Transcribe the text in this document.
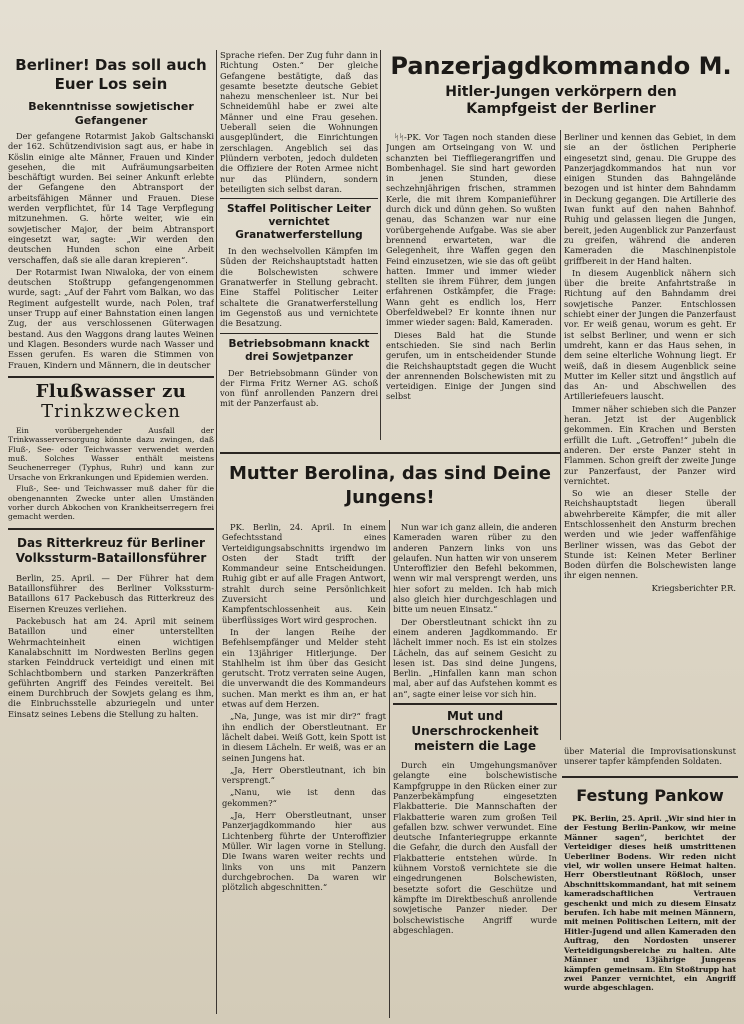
Berliner! Das soll auch Euer Los sein
Bekenntnisse sowjetischer Gefangener

Der gefangene Rotarmist Jakob Galtschanski der 162. Schützendivision sagt aus, er habe in Köslin einige alte Männer, Frauen und Kinder gesehen, die mit Aufräumungsarbeiten beschäftigt wurden. Bei seiner Ankunft erlebte der Gefangene den Abtransport der arbeitsfähigen Männer und Frauen. Diese werden verpflichtet, für 14 Tage Verpflegung mitzunehmen. G. hörte weiter, wie ein sowjetischer Major, der beim Abtransport eingesetzt war, sagte: „Wir werden den deutschen Hunden schon eine Arbeit verschaffen, daß sie alle daran krepieren“.

Der Rotarmist Iwan Niwaloka, der von einem deutschen Stoßtrupp gefangengenommen wurde, sagt: „Auf der Fahrt vom Balkan, wo das Regiment aufgestellt wurde, nach Polen, traf unser Trupp auf einer Bahnstation einen langen Zug, der aus verschlossenen Güterwagen bestand. Aus den Waggons drang lautes Weinen und Klagen. Besonders wurde nach Wasser und Essen gerufen. Es waren die Stimmen von Frauen, Kindern und Männern, die in deutscher

Flußwasser zu
Trinkzwecken

Ein vorübergehender Ausfall der Trinkwasserversorgung könnte dazu zwingen, daß Fluß-, See- oder Teichwasser verwendet werden muß. Solches Wasser enthält meistens Seuchenerreger (Typhus, Ruhr) und kann zur Ursache von Erkrankungen und Epidemien werden.

Fluß-, See- und Teichwasser muß daher für die obengenannten Zwecke unter allen Umständen vorher durch Abkochen von Krankheitserregern frei gemacht werden.

Das Ritterkreuz für Berliner Volkssturm-Bataillonsführer

Berlin, 25. April. — Der Führer hat dem Bataillonsführer des Berliner Volkssturm-Bataillons 617 Packebusch das Ritterkreuz des Eisernen Kreuzes verliehen.

Packebusch hat am 24. April mit seinem Bataillon und einer unterstellten Wehrmachteinheit einen wichtigen Kanalabschnitt im Nordwesten Berlins gegen starken Feinddruck verteidigt und einen mit Schlachtbombern und starken Panzerkräften geführten Angriff des Feindes vereitelt. Bei einem Durchbruch der Sowjets gelang es ihm, die Einbruchsstelle abzuriegeln und unter Einsatz seines Lebens die Stellung zu halten.

Sprache riefen. Der Zug fuhr dann in Richtung Osten.“ Der gleiche Gefangene bestätigte, daß das gesamte besetzte deutsche Gebiet nahezu menschenleer ist. Nur bei Schneidemühl habe er zwei alte Männer und eine Frau gesehen. Ueberall seien die Wohnungen ausgeplündert, die Einrichtungen zerschlagen. Angeblich sei das Plündern verboten, jedoch duldeten die Offiziere der Roten Armee nicht nur das Plündern, sondern beteiligten sich selbst daran.

Staffel Politischer Leiter vernichtet Granatwerferstellung

In den wechselvollen Kämpfen im Süden der Reichshauptstadt hatten die Bolschewisten schwere Granatwerfer in Stellung gebracht. Eine Staffel Politischer Leiter schaltete die Granatwerferstellung im Gegenstoß aus und vernichtete die Besatzung.

Betriebsobmann knackt drei Sowjetpanzer

Der Betriebsobmann Günder von der Firma Fritz Werner AG. schoß von fünf anrollenden Panzern drei mit der Panzerfaust ab.

Panzerjagdkommando M.
Hitler-Jungen verkörpern den Kampfgeist der Berliner

ᛋᛋ-PK. Vor Tagen noch standen diese Jungen am Ortseingang von W. und schanzten bei Tieffliegerangriffen und Bombenhagel. Sie sind hart geworden in jenen Stunden, diese sechzehnjährigen frischen, strammen Kerle, die mit ihrem Kompanieführer durch dick und dünn gehen. So wußten genau, das Schanzen war nur eine vorübergehende Aufgabe. Was sie aber brennend erwarteten, war die Gelegenheit, ihre Waffen gegen den Feind einzusetzen, wie sie das oft geübt hatten. Immer und immer wieder stellten sie ihrem Führer, dem jungen erfahrenen Ostkämpfer, die Frage: Wann geht es endlich los, Herr Oberfeldwebel? Er konnte ihnen nur immer wieder sagen: Bald, Kameraden.

Dieses Bald hat die Stunde entschieden. Sie sind nach Berlin gerufen, um in entscheidender Stunde die Reichshauptstadt gegen die Wucht der anrennenden Bolschewisten mit zu verteidigen. Einige der Jungen sind selbst

Berliner und kennen das Gebiet, in dem sie an der östlichen Peripherie eingesetzt sind, genau. Die Gruppe des Panzerjagdkommandos hat nun vor einigen Stunden das Bahngelände bezogen und ist hinter dem Bahndamm in Deckung gegangen. Die Artillerie des Iwan funkt auf den nahen Bahnhof. Ruhig und gelassen liegen die Jungen, bereit, jeden Augenblick zur Panzerfaust zu greifen, während die anderen Kameraden die Maschinenpistole griffbereit in der Hand halten.

In diesem Augenblick nähern sich über die breite Anfahrtstraße in Richtung auf den Bahndamm drei sowjetische Panzer. Entschlossen schiebt einer der Jungen die Panzerfaust vor. Er weiß genau, worum es geht. Er ist selbst Berliner, und wenn er sich umdreht, kann er das Haus sehen, in dem seine elterliche Wohnung liegt. Er weiß, daß in diesem Augenblick seine Mutter im Keller sitzt und ängstlich auf das An- und Abschwellen des Artilleriefeuers lauscht.

Immer näher schieben sich die Panzer heran. Jetzt ist der Augenblick gekommen. Ein Krachen und Bersten erfüllt die Luft. „Getroffen!“ jubeln die anderen. Der erste Panzer steht in Flammen. Schon greift der zweite Junge zur Panzerfaust, der Panzer wird vernichtet.

So wie an dieser Stelle der Reichshauptstadt liegen überall abwehrbereite Kämpfer, die mit aller Entschlossenheit den Ansturm brechen werden und wie jeder waffenfähige Berliner wissen, was das Gebot der Stunde ist: Keinen Meter Berliner Boden dürfen die Bolschewisten lange ihr eigen nennen.

Kriegsberichter P.R.
Mutter Berolina, das sind Deine Jungens!

PK. Berlin, 24. April. In einem Gefechtsstand eines Verteidigungsabschnitts irgendwo im Osten der Stadt trifft der Kommandeur seine Entscheidungen. Ruhig gibt er auf alle Fragen Antwort, strahlt durch seine Persönlichkeit Zuversicht und Kampfentschlossenheit aus. Kein überflüssiges Wort wird gesprochen.

In der langen Reihe der Befehlsempfänger und Melder steht ein 13jähriger Hitlerjunge. Der Stahlhelm ist ihm über das Gesicht gerutscht. Trotz verraten seine Augen, die unverwandt die des Kommandeurs suchen. Man merkt es ihm an, er hat etwas auf dem Herzen.

„Na, Junge, was ist mir dir?“ fragt ihn endlich der Oberstleutnant. Er lächelt dabei. Weiß Gott, kein Spott ist in diesem Lächeln. Er weiß, was er an seinen Jungens hat.

„Ja, Herr Oberstleutnant, ich bin versprengt.“

„Nanu, wie ist denn das gekommen?“

„Ja, Herr Oberstleutnant, unser Panzerjagdkommando hier aus Lichtenberg führte der Unteroffizier Müller. Wir lagen vorne in Stellung. Die Iwans waren weiter rechts und links von uns mit Panzern durchgebrochen. Da waren wir plötzlich abgeschnitten.“

Nun war ich ganz allein, die anderen Kameraden waren rüber zu den anderen Panzern links von uns gelaufen. Nun hatten wir von unserem Unteroffizier den Befehl bekommen, wenn wir mal versprengt werden, uns hier sofort zu melden. Ich hab mich also gleich hier durchgeschlagen und bitte um neuen Einsatz.“

Der Oberstleutnant schickt ihn zu einem anderen Jagdkommando. Er lächelt immer noch. Es ist ein stolzes Lächeln, das auf seinem Gesicht zu lesen ist. Das sind deine Jungens, Berlin. „Hinfallen kann man schon mal, aber auf das Aufstehen kommt es an“, sagte einer leise vor sich hin.

Mut und Unerschrockenheit meistern die Lage

Durch ein Umgehungsmanöver gelangte eine bolschewistische Kampfgruppe in den Rücken einer zur Panzerbekämpfung eingesetzten Flakbatterie. Die Mannschaften der Flakbatterie waren zum großen Teil gefallen bzw. schwer verwundet. Eine deutsche Infanteriegruppe erkannte die Gefahr, die durch den Ausfall der Flakbatterie entstehen würde. In kühnem Vorstoß vernichtete sie die eingedrungenen Bolschewisten, besetzte sofort die Geschütze und kämpfte im Direktbeschuß anrollende sowjetische Panzer nieder. Der bolschewistische Angriff wurde abgeschlagen.

über Material die Improvisationskunst unserer tapfer kämpfenden Soldaten.

Festung Pankow

PK. Berlin, 25. April. „Wir sind hier in der Festung Berlin-Pankow, wir meine Männer sagen“, berichtet der Verteidiger dieses heiß umstrittenen Ueberliner Bodens. Wir reden nicht viel, wir wollen unsere Heimat halten. Herr Oberstleutnant Rößloch, unser Abschnittskommandant, hat mit seinem kameradschaftlichen Vertrauen geschenkt und mich zu diesem Einsatz berufen. Ich habe mit meinen Männern, mit meinen Politischen Leitern, mit der Hitler-Jugend und allen Kameraden den Auftrag, den Nordosten unserer Verteidigungsbereiche zu halten. Alte Männer und 13jährige Jungens kämpfen gemeinsam. Ein Stoßtrupp hat zwei Panzer vernichtet, ein Angriff wurde abgeschlagen.
